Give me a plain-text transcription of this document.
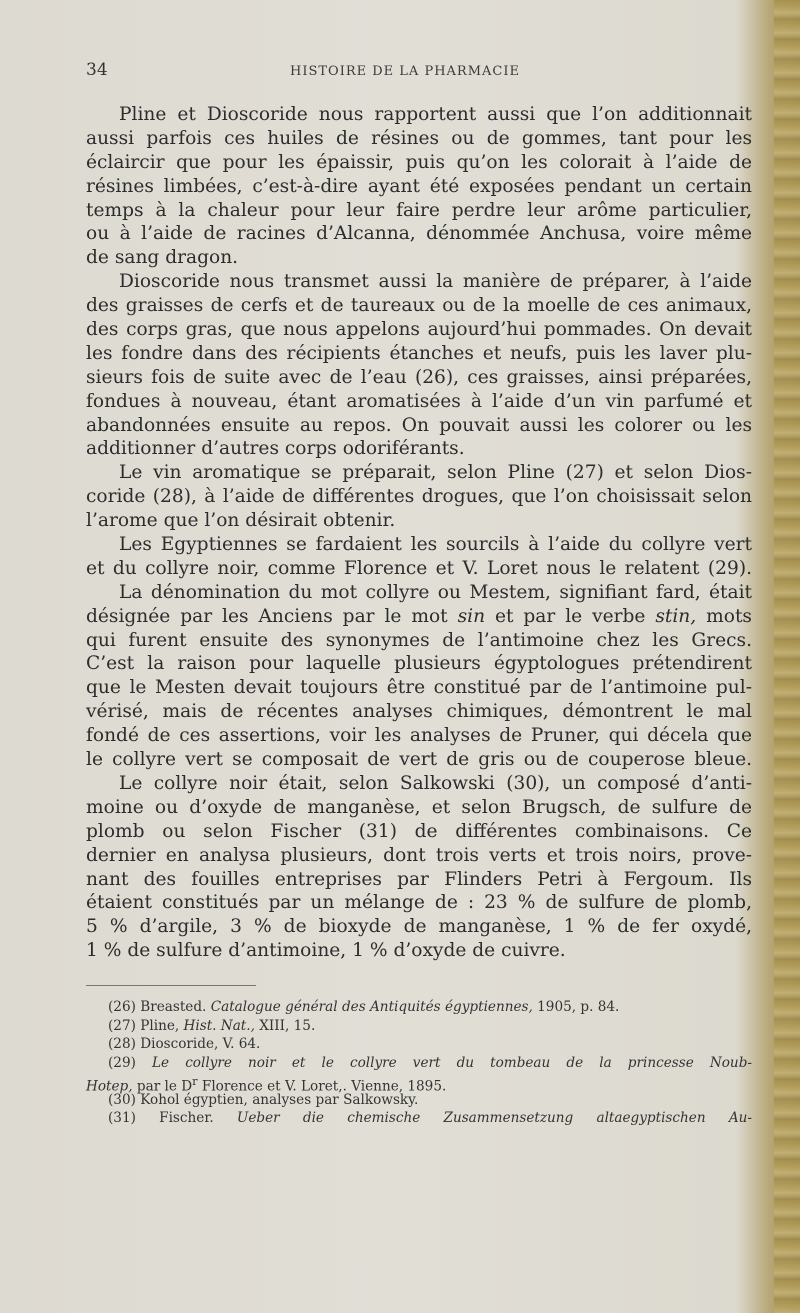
34	HISTOIRE DE LA PHARMACIE
Pline et Dioscoride nous rapportent aussi que l’on additionnait
aussi parfois ces huiles de résines ou de gommes, tant pour les
éclaircir que pour les épaissir, puis qu’on les colorait à l’aide de
résines limbées, c’est-à-dire ayant été exposées pendant un certain
temps à la chaleur pour leur faire perdre leur arôme particulier,
ou à l’aide de racines d’Alcanna, dénommée Anchusa, voire même
de sang dragon.
Dioscoride nous transmet aussi la manière de préparer, à l’aide
des graisses de cerfs et de taureaux ou de la moelle de ces animaux,
des corps gras, que nous appelons aujourd’hui pommades. On devait
les fondre dans des récipients étanches et neufs, puis les laver plu-
sieurs fois de suite avec de l’eau (26), ces graisses, ainsi préparées,
fondues à nouveau, étant aromatisées à l’aide d’un vin parfumé et
abandonnées ensuite au repos. On pouvait aussi les colorer ou les
additionner d’autres corps odoriférants.
Le vin aromatique se préparait, selon Pline (27) et selon Dios-
coride (28), à l’aide de différentes drogues, que l’on choisissait selon
l’arome que l’on désirait obtenir.
Les Egyptiennes se fardaient les sourcils à l’aide du collyre vert
et du collyre noir, comme Florence et V. Loret nous le relatent (29).
La dénomination du mot collyre ou Mestem, signifiant fard, était
désignée par les Anciens par le mot sin et par le verbe stin, mots
qui furent ensuite des synonymes de l’antimoine chez les Grecs.
C’est la raison pour laquelle plusieurs égyptologues prétendirent
que le Mesten devait toujours être constitué par de l’antimoine pul-
vérisé, mais de récentes analyses chimiques, démontrent le mal
fondé de ces assertions, voir les analyses de Pruner, qui décela que
le collyre vert se composait de vert de gris ou de couperose bleue.
Le collyre noir était, selon Salkowski (30), un composé d’anti-
moine ou d’oxyde de manganèse, et selon Brugsch, de sulfure de
plomb ou selon Fischer (31) de différentes combinaisons. Ce
dernier en analysa plusieurs, dont trois verts et trois noirs, prove-
nant des fouilles entreprises par Flinders Petri à Fergoum. Ils
étaient constitués par un mélange de : 23 % de sulfure de plomb,
5 % d’argile, 3 % de bioxyde de manganèse, 1 % de fer oxydé,
1 % de sulfure d’antimoine, 1 % d’oxyde de cuivre.
(26) Breasted. Catalogue général des Antiquités égyptiennes, 1905, p. 84.
(27) Pline, Hist. Nat., XIII, 15.
(28) Dioscoride, V. 64.
(29) Le collyre noir et le collyre vert du tombeau de la princesse Noub-
Hotep, par le $D^r$ Florence et V. Loret,. Vienne, 1895.
(30) Kohol égyptien, analyses par Salkowsky.
(31) Fischer. Ueber die chemische Zusammensetzung altaegyptischen Au-
